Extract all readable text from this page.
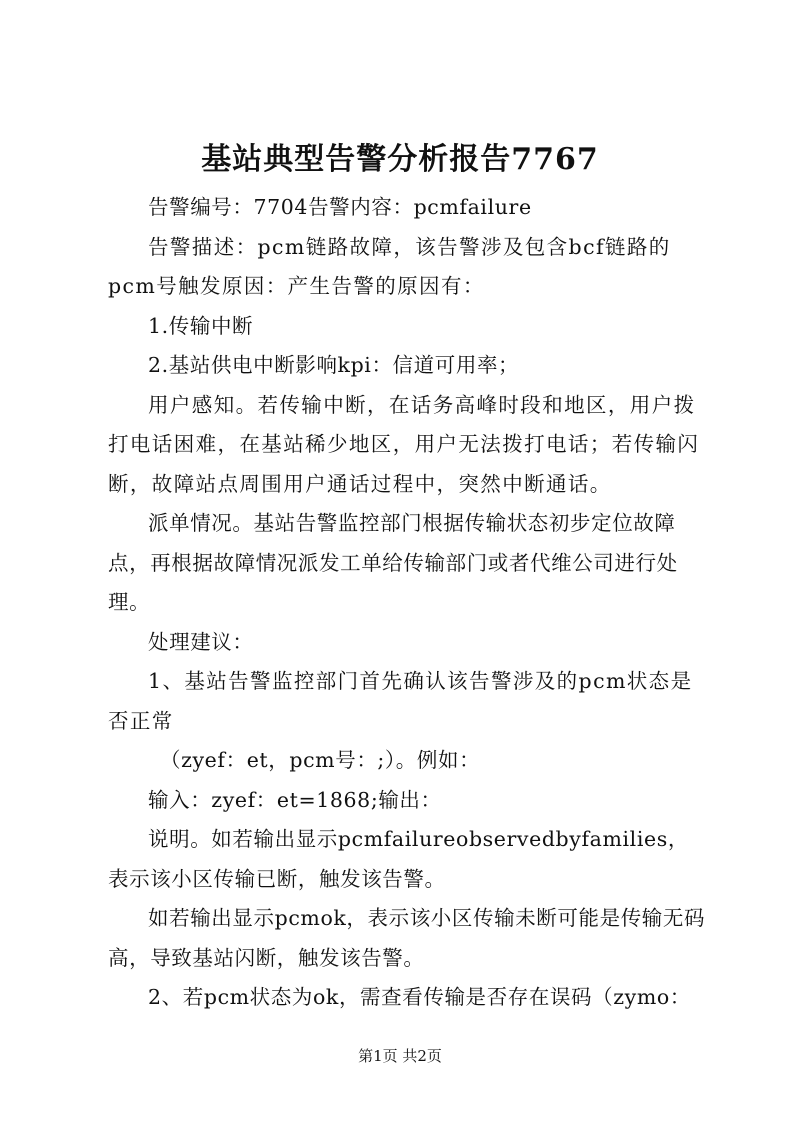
基站典型告警分析报告7767

告警编号：7704告警内容：pcmfailure

告警描述：pcm链路故障，该告警涉及包含bcf链路的pcm号触发原因：产生告警的原因有：

1.传输中断

2.基站供电中断影响kpi：信道可用率；

用户感知。若传输中断，在话务高峰时段和地区，用户拨打电话困难，在基站稀少地区，用户无法拨打电话；若传输闪断，故障站点周围用户通话过程中，突然中断通话。

派单情况。基站告警监控部门根据传输状态初步定位故障点，再根据故障情况派发工单给传输部门或者代维公司进行处理。

处理建议：

1、基站告警监控部门首先确认该告警涉及的pcm状态是否正常

（zyef：et，pcm号：;）。例如：

输入：zyef：et=1868;输出：

说明。如若输出显示pcmfailureobservedbyfamilies，表示该小区传输已断，触发该告警。

如若输出显示pcmok，表示该小区传输未断可能是传输无码高，导致基站闪断，触发该告警。

2、若pcm状态为ok，需查看传输是否存在误码（zymo：

第1页 共2页
